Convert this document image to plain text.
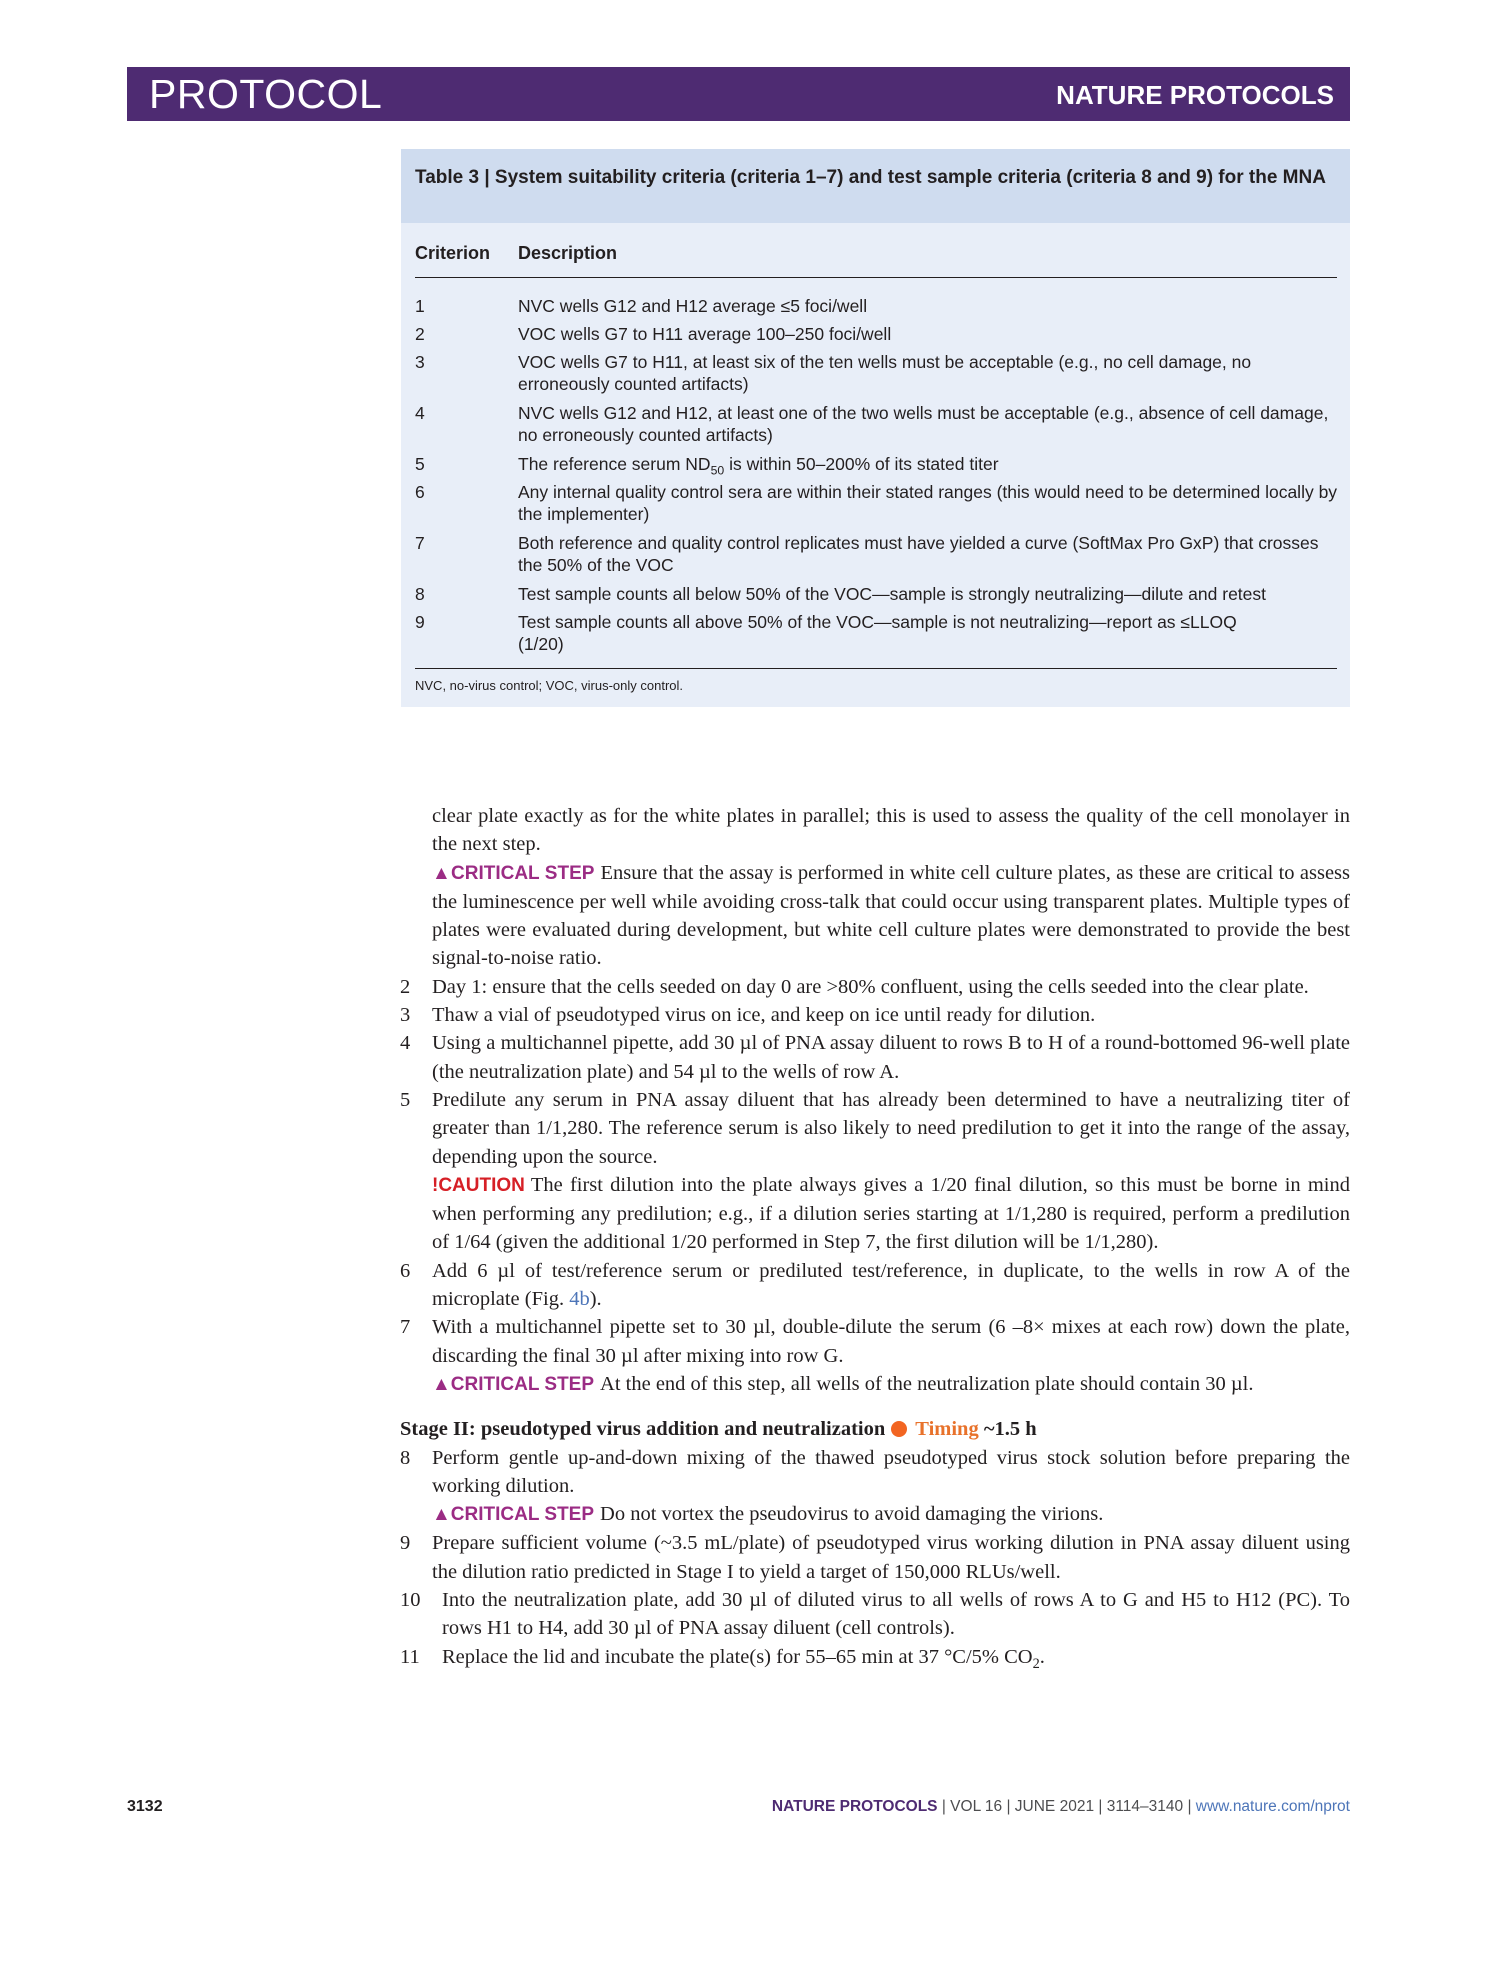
PROTOCOL	NATURE PROTOCOLS
Table 3 | System suitability criteria (criteria 1–7) and test sample criteria (criteria 8 and 9) for the MNA
Criterion Description
1	NVC wells G12 and H12 average ≤5 foci/well
2	VOC wells G7 to H11 average 100–250 foci/well
3	VOC wells G7 to H11, at least six of the ten wells must be acceptable (e.g., no cell damage, no erroneously counted artifacts)
4	NVC wells G12 and H12, at least one of the two wells must be acceptable (e.g., absence of cell damage, no erroneously counted artifacts)
5	The reference serum $ND_{50}$ is within 50–200% of its stated titer
6	Any internal quality control sera are within their stated ranges (this would need to be determined locally by the implementer)
7	Both reference and quality control replicates must have yielded a curve (SoftMax Pro GxP) that crosses the 50% of the VOC
8	Test sample counts all below 50% of the VOC—sample is strongly neutralizing—dilute and retest
9	Test sample counts all above 50% of the VOC—sample is not neutralizing—report as ≤LLOQ (1/20)
NVC, no-virus control; VOC, virus-only control.

clear plate exactly as for the white plates in parallel; this is used to assess the quality of the cell monolayer in the next step.

▲CRITICAL STEP Ensure that the assay is performed in white cell culture plates, as these are critical to assess the luminescence per well while avoiding cross-talk that could occur using transparent plates. Multiple types of plates were evaluated during development, but white cell culture plates were demonstrated to provide the best signal-to-noise ratio.

2 Day 1: ensure that the cells seeded on day 0 are >80% confluent, using the cells seeded into the clear plate.

3 Thaw a vial of pseudotyped virus on ice, and keep on ice until ready for dilution.

4 Using a multichannel pipette, add 30 µl of PNA assay diluent to rows B to H of a round-bottomed 96-well plate (the neutralization plate) and 54 µl to the wells of row A.

5 Predilute any serum in PNA assay diluent that has already been determined to have a neutralizing titer of greater than 1/1,280. The reference serum is also likely to need predilution to get it into the range of the assay, depending upon the source.

!CAUTION The first dilution into the plate always gives a 1/20 final dilution, so this must be borne in mind when performing any predilution; e.g., if a dilution series starting at 1/1,280 is required, perform a predilution of 1/64 (given the additional 1/20 performed in Step 7, the first dilution will be 1/1,280).

6 Add 6 µl of test/reference serum or prediluted test/reference, in duplicate, to the wells in row A of the microplate (Fig. 4b).

7 With a multichannel pipette set to 30 µl, double-dilute the serum (6 –8× mixes at each row) down the plate, discarding the final 30 µl after mixing into row G.

▲CRITICAL STEP At the end of this step, all wells of the neutralization plate should contain 30 µl.

Stage II: pseudotyped virus addition and neutralization Timing ~1.5 h

8 Perform gentle up-and-down mixing of the thawed pseudotyped virus stock solution before preparing the working dilution.

▲CRITICAL STEP Do not vortex the pseudovirus to avoid damaging the virions.

9 Prepare sufficient volume (~3.5 mL/plate) of pseudotyped virus working dilution in PNA assay diluent using the dilution ratio predicted in Stage I to yield a target of 150,000 RLUs/well.

10 Into the neutralization plate, add 30 µl of diluted virus to all wells of rows A to G and H5 to H12 (PC). To rows H1 to H4, add 30 µl of PNA assay diluent (cell controls).

11 Replace the lid and incubate the plate(s) for 55–65 min at 37 °C/5% $CO_2$.

3132	NATURE PROTOCOLS | VOL 16 | JUNE 2021 | 3114–3140 | www.nature.com/nprot
